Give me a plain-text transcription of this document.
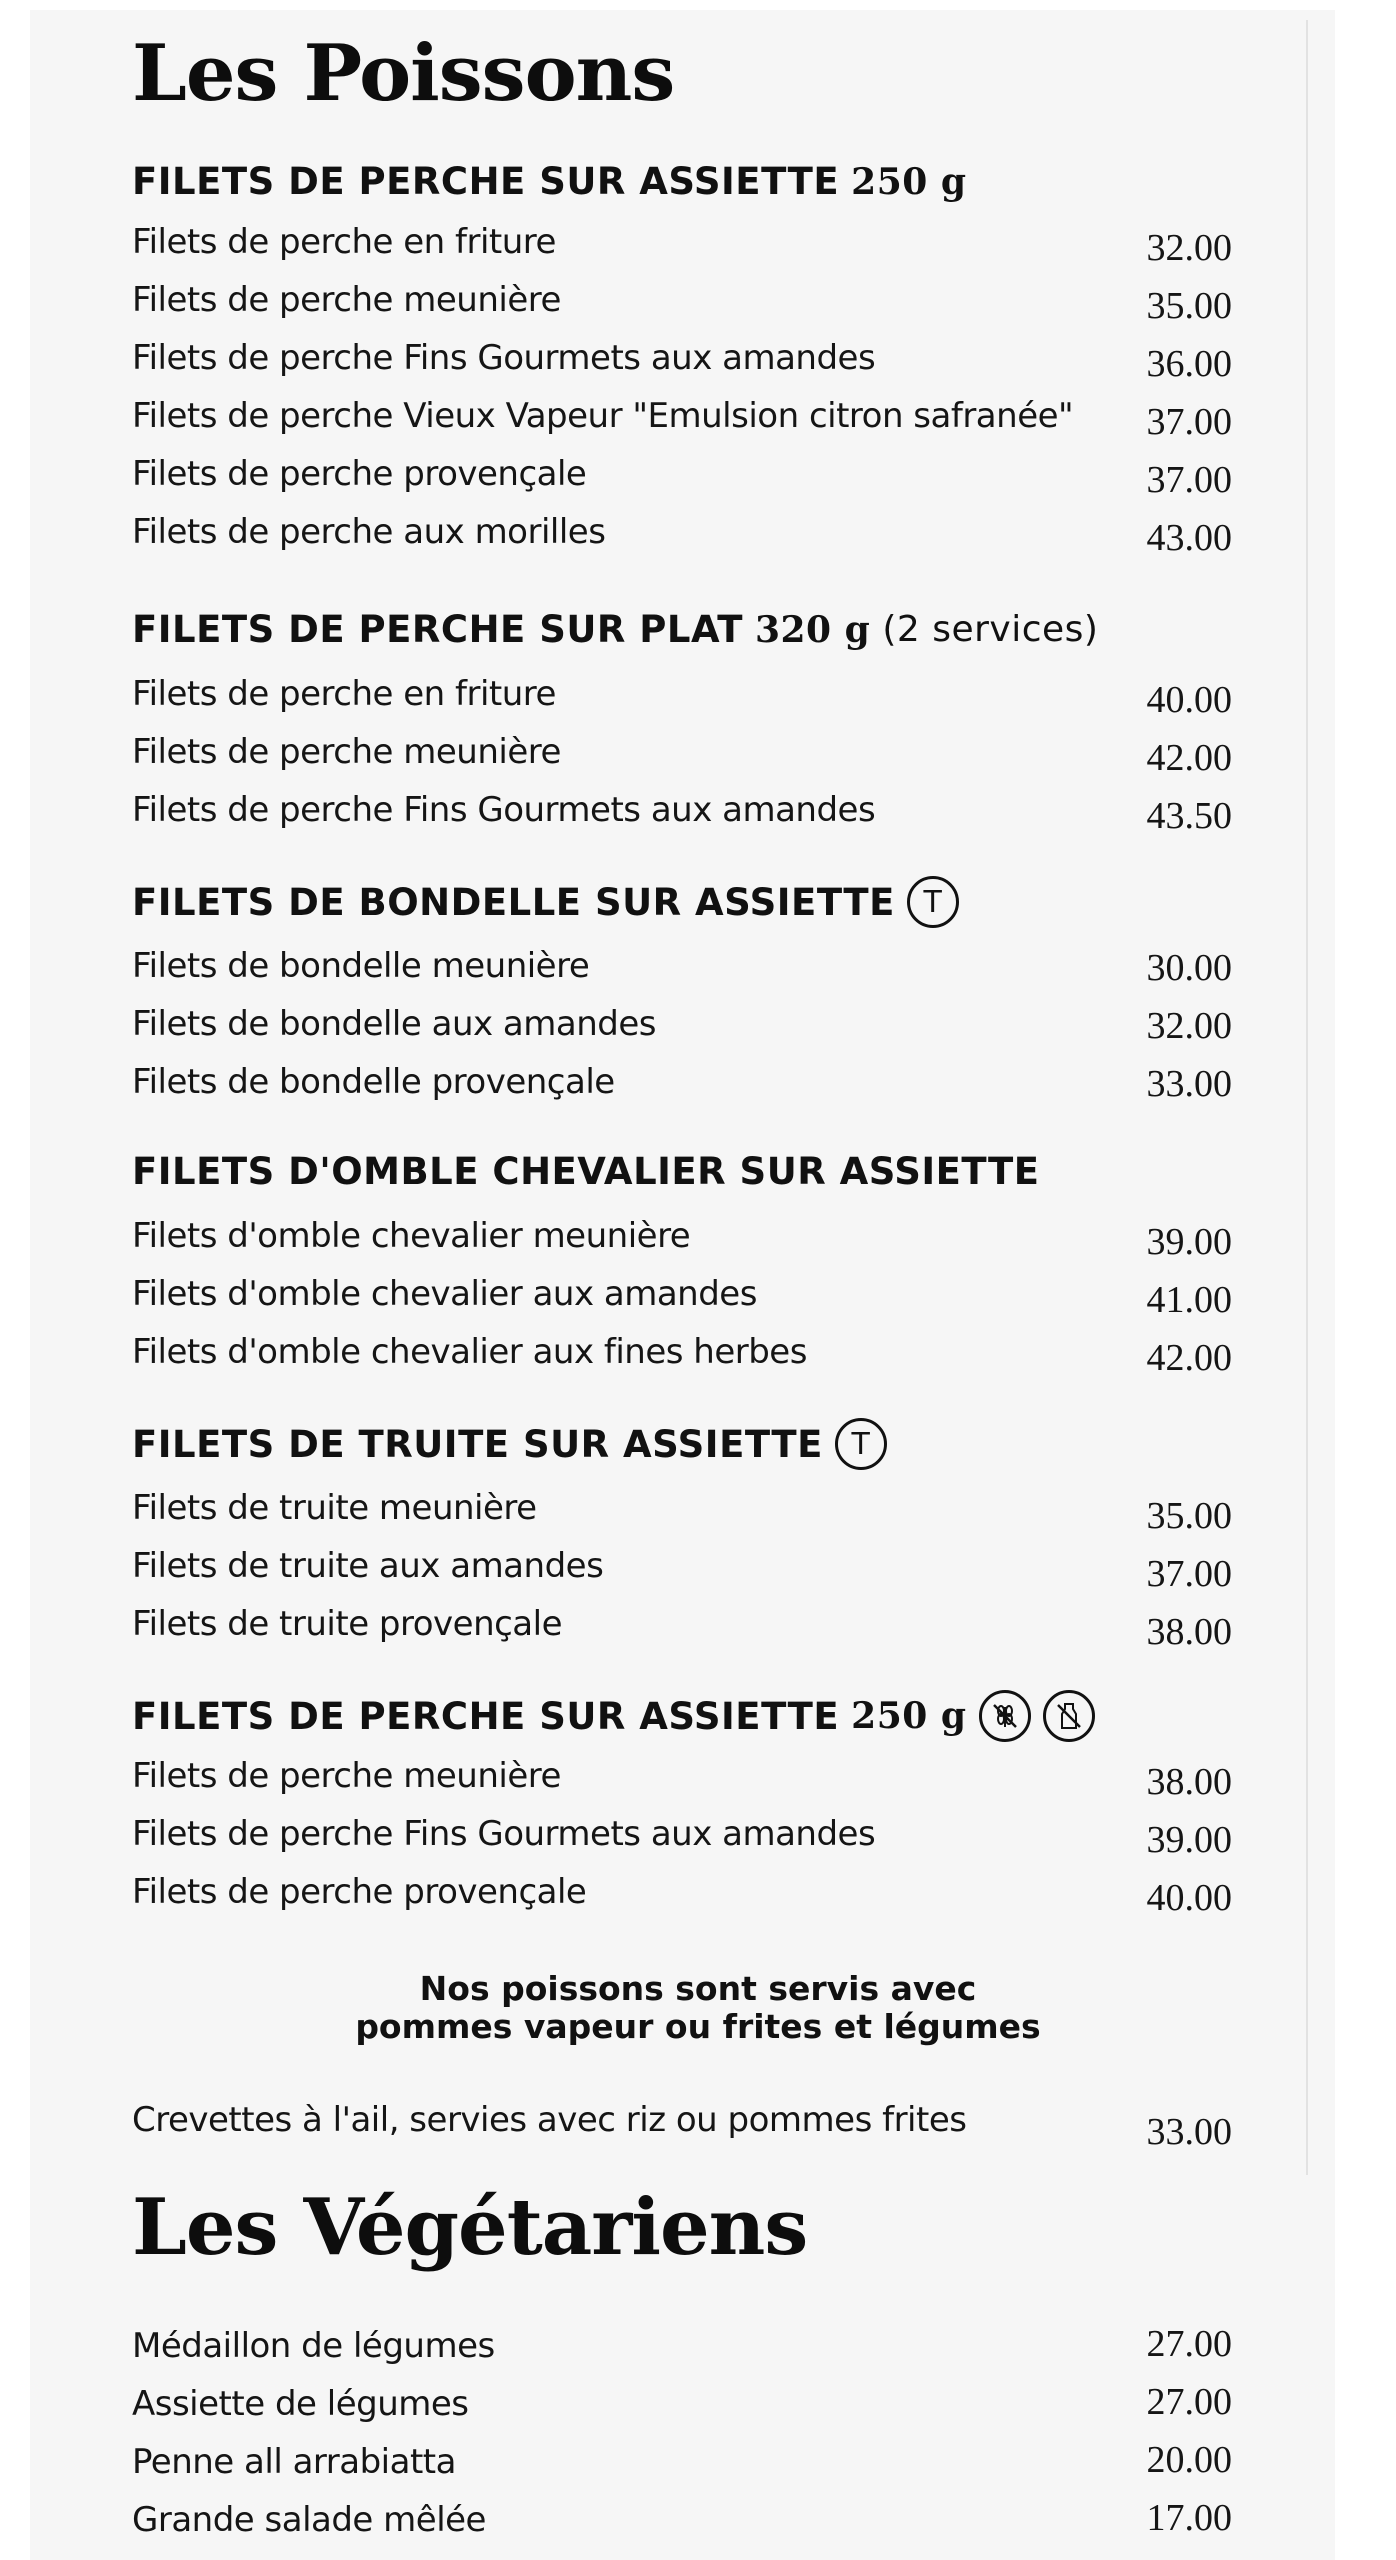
Les Poissons
FILETS DE PERCHE SUR ASSIETTE 250 g
Filets de perche en friture	32.00
Filets de perche meunière	35.00
Filets de perche Fins Gourmets aux amandes	36.00
Filets de perche Vieux Vapeur "Emulsion citron safranée"	37.00
Filets de perche provençale	37.00
Filets de perche aux morilles	43.00
FILETS DE PERCHE SUR PLAT 320 g (2 services)
Filets de perche en friture	40.00
Filets de perche meunière	42.00
Filets de perche Fins Gourmets aux amandes	43.50
FILETS DE BONDELLE SUR ASSIETTE T
Filets de bondelle meunière	30.00
Filets de bondelle aux amandes	32.00
Filets de bondelle provençale	33.00
FILETS D'OMBLE CHEVALIER SUR ASSIETTE
Filets d'omble chevalier meunière	39.00
Filets d'omble chevalier aux amandes	41.00
Filets d'omble chevalier aux fines herbes	42.00
FILETS DE TRUITE SUR ASSIETTE T
Filets de truite meunière	35.00
Filets de truite aux amandes	37.00
Filets de truite provençale	38.00
FILETS DE PERCHE SUR ASSIETTE 250 g
Filets de perche meunière	38.00
Filets de perche Fins Gourmets aux amandes	39.00
Filets de perche provençale	40.00
Nos poissons sont servis avec
pommes vapeur ou frites et légumes
Crevettes à l'ail, servies avec riz ou pommes frites	33.00
Les Végétariens
Médaillon de légumes	27.00
Assiette de légumes	27.00
Penne all arrabiatta	20.00
Grande salade mêlée	17.00
